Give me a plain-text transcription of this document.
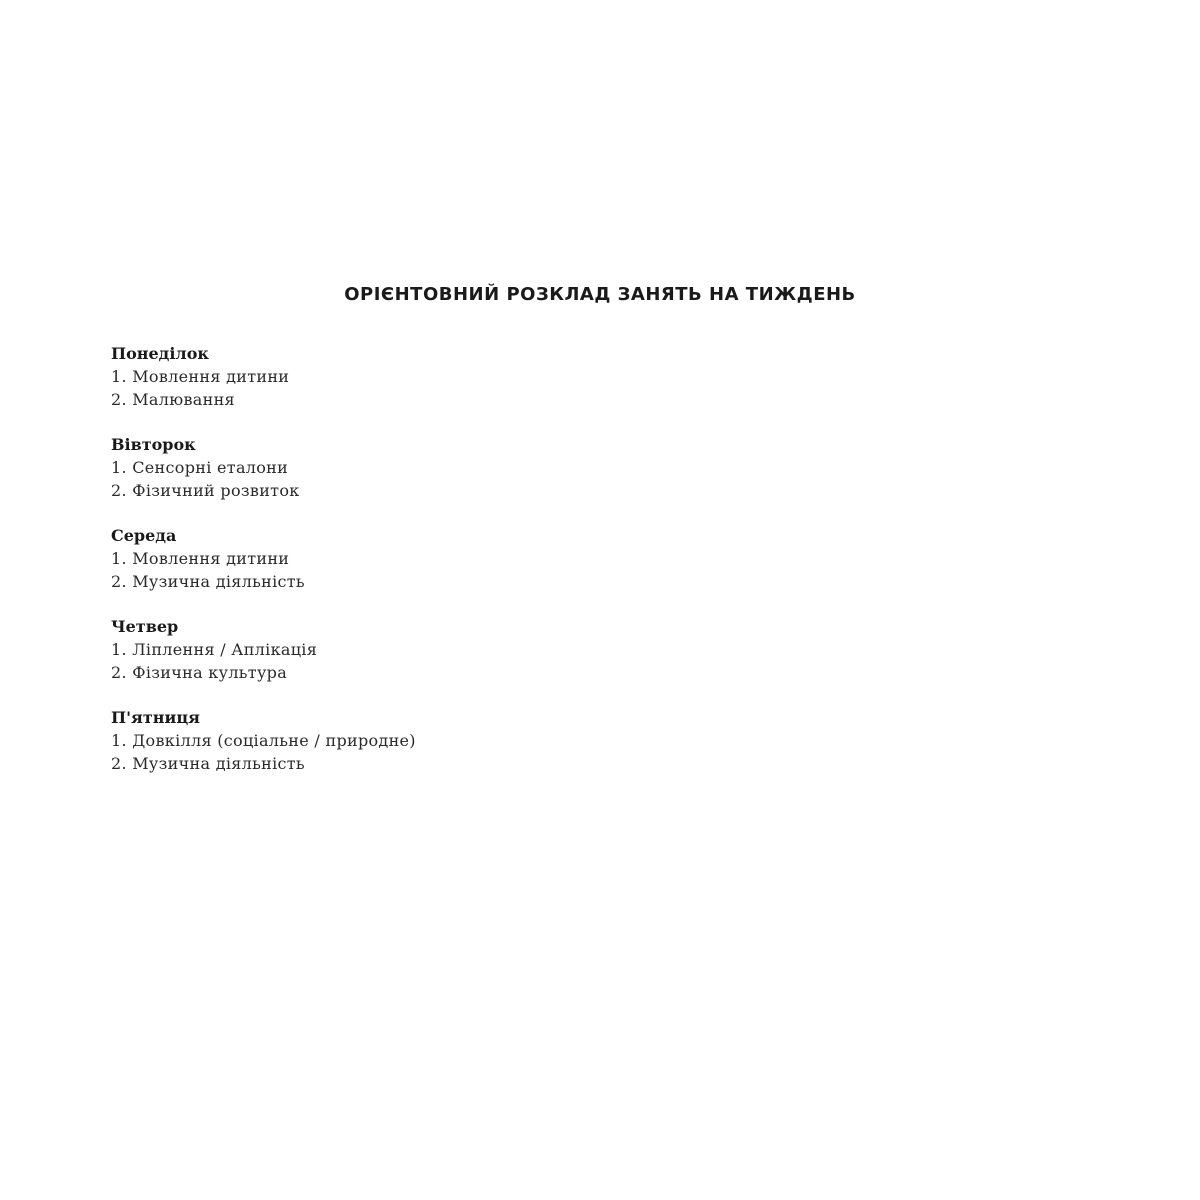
ОРІЄНТОВНИЙ РОЗКЛАД ЗАНЯТЬ НА ТИЖДЕНЬ
Понеділок
1. Мовлення дитини
2. Малювання
Вівторок
1. Сенсорні еталони
2. Фізичний розвиток
Середа
1. Мовлення дитини
2. Музична діяльність
Четвер
1. Ліплення / Аплікація
2. Фізична культура
П'ятниця
1. Довкілля (соціальне / природне)
2. Музична діяльність
